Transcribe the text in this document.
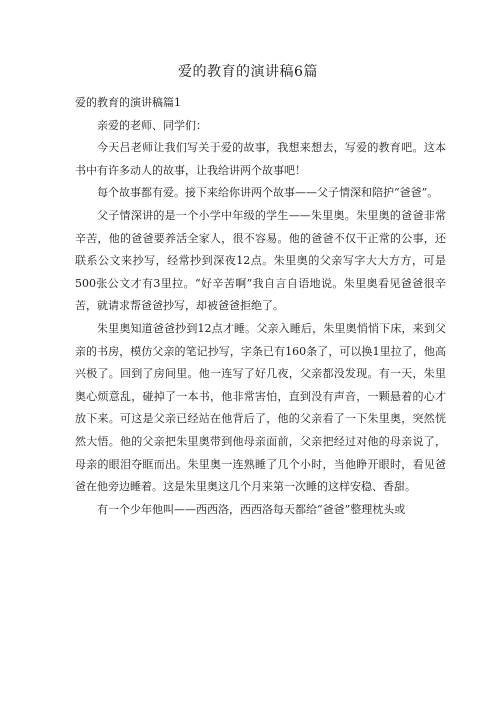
爱的教育的演讲稿6篇

爱的教育的演讲稿篇1

亲爱的老师、同学们：

今天吕老师让我们写关于爱的故事，我想来想去，写爱的教育吧。这本书中有许多动人的故事，让我给讲两个故事吧！

每个故事都有爱。接下来给你讲两个故事——父子情深和陪护“爸爸”。

父子情深讲的是一个小学中年级的学生——朱里奥。朱里奥的爸爸非常辛苦，他的爸爸要养活全家人，很不容易。他的爸爸不仅干正常的公事，还联系公文来抄写，经常抄到深夜12点。朱里奥的父亲写字大大方方，可是500张公文才有3里拉。“好辛苦啊”我自言自语地说。朱里奥看见爸爸很辛苦，就请求帮爸爸抄写，却被爸爸拒绝了。

朱里奥知道爸爸抄到12点才睡。父亲入睡后，朱里奥悄悄下床，来到父亲的书房，模仿父亲的笔记抄写，字条已有160条了，可以换1里拉了，他高兴极了。回到了房间里。他一连写了好几夜，父亲都没发现。有一天，朱里奥心烦意乱，碰掉了一本书，他非常害怕，直到没有声音，一颗悬着的心才放下来。可这是父亲已经站在他背后了，他的父亲看了一下朱里奥，突然恍然大悟。他的父亲把朱里奥带到他母亲面前，父亲把经过对他的母亲说了，母亲的眼泪夺眶而出。朱里奥一连熟睡了几个小时，当他睁开眼时，看见爸爸在他旁边睡着。这是朱里奥这几个月来第一次睡的这样安稳、香甜。

有一个少年他叫——西西洛，西西洛每天都给“爸爸”整理枕头或
